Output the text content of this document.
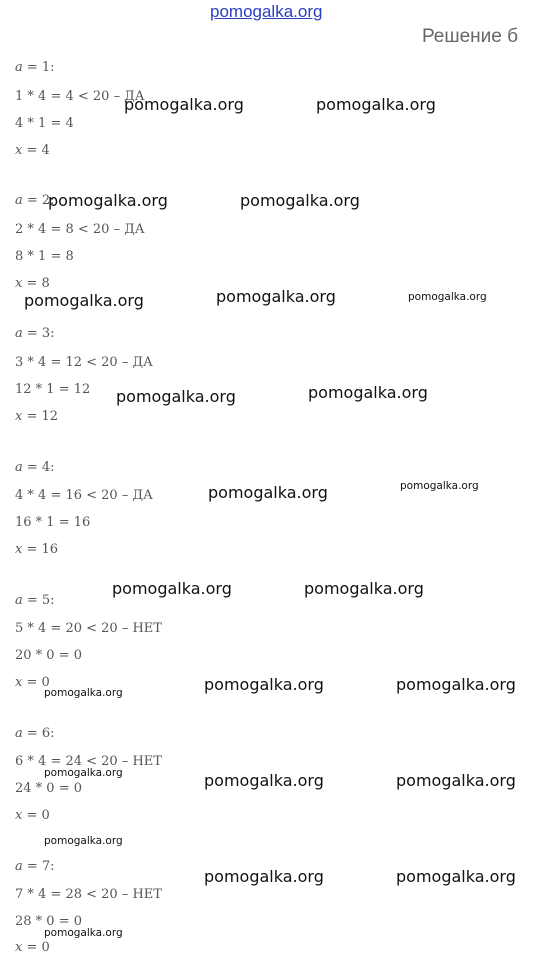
pomogalka.org
Решение б
𝑎 = 1:
1 * 4 = 4 < 20 – ДА
4 * 1 = 4
𝑥 = 4
𝑎 = 2:
2 * 4 = 8 < 20 – ДА
8 * 1 = 8
𝑥 = 8
𝑎 = 3:
3 * 4 = 12 < 20 – ДА
12 * 1 = 12
𝑥 = 12
𝑎 = 4:
4 * 4 = 16 < 20 – ДА
16 * 1 = 16
𝑥 = 16
𝑎 = 5:
5 * 4 = 20 < 20 – НЕТ
20 * 0 = 0
𝑥 = 0
𝑎 = 6:
6 * 4 = 24 < 20 – НЕТ
24 * 0 = 0
𝑥 = 0
𝑎 = 7:
7 * 4 = 28 < 20 – НЕТ
28 * 0 = 0
𝑥 = 0
pomogalka.org	pomogalka.org
pomogalka.org	pomogalka.org
pomogalka.org	pomogalka.org	pomogalka.org
pomogalka.org	pomogalka.org
pomogalka.org	pomogalka.org
pomogalka.org	pomogalka.org
pomogalka.org	pomogalka.org	pomogalka.org
pomogalka.org	pomogalka.org	pomogalka.org
pomogalka.org
pomogalka.org	pomogalka.org
pomogalka.org
